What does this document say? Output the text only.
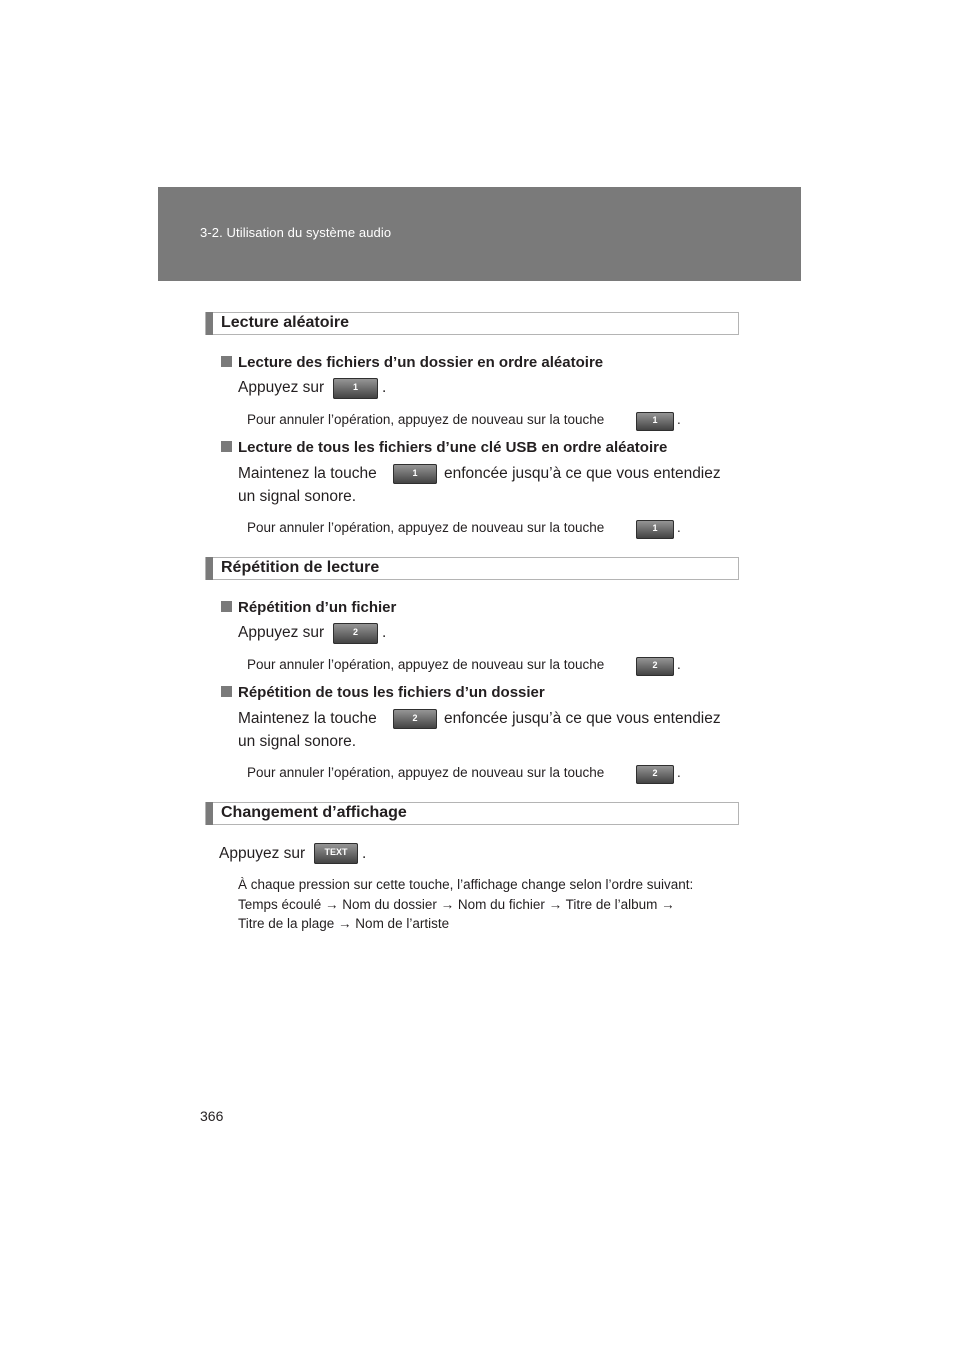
3-2. Utilisation du système audio
Lecture aléatoire
Lecture des fichiers d’un dossier en ordre aléatoire
Appuyez sur	1	.
Pour annuler l’opération, appuyez de nouveau sur la touche	1	.
Lecture de tous les fichiers d’une clé USB en ordre aléatoire
Maintenez la touche	1	enfoncée jusqu’à ce que vous entendiez
un signal sonore.
Pour annuler l’opération, appuyez de nouveau sur la touche	1	.
Répétition de lecture
Répétition d’un fichier
Appuyez sur	2	.
Pour annuler l’opération, appuyez de nouveau sur la touche	2	.
Répétition de tous les fichiers d’un dossier
Maintenez la touche	2	enfoncée jusqu’à ce que vous entendiez
un signal sonore.
Pour annuler l’opération, appuyez de nouveau sur la touche	2	.
Changement d’affichage
Appuyez sur	TEXT .
À chaque pression sur cette touche, l’affichage change selon l’ordre suivant:
Temps écoulé → Nom du dossier → Nom du fichier → Titre de l’album →
Titre de la plage → Nom de l’artiste
366
